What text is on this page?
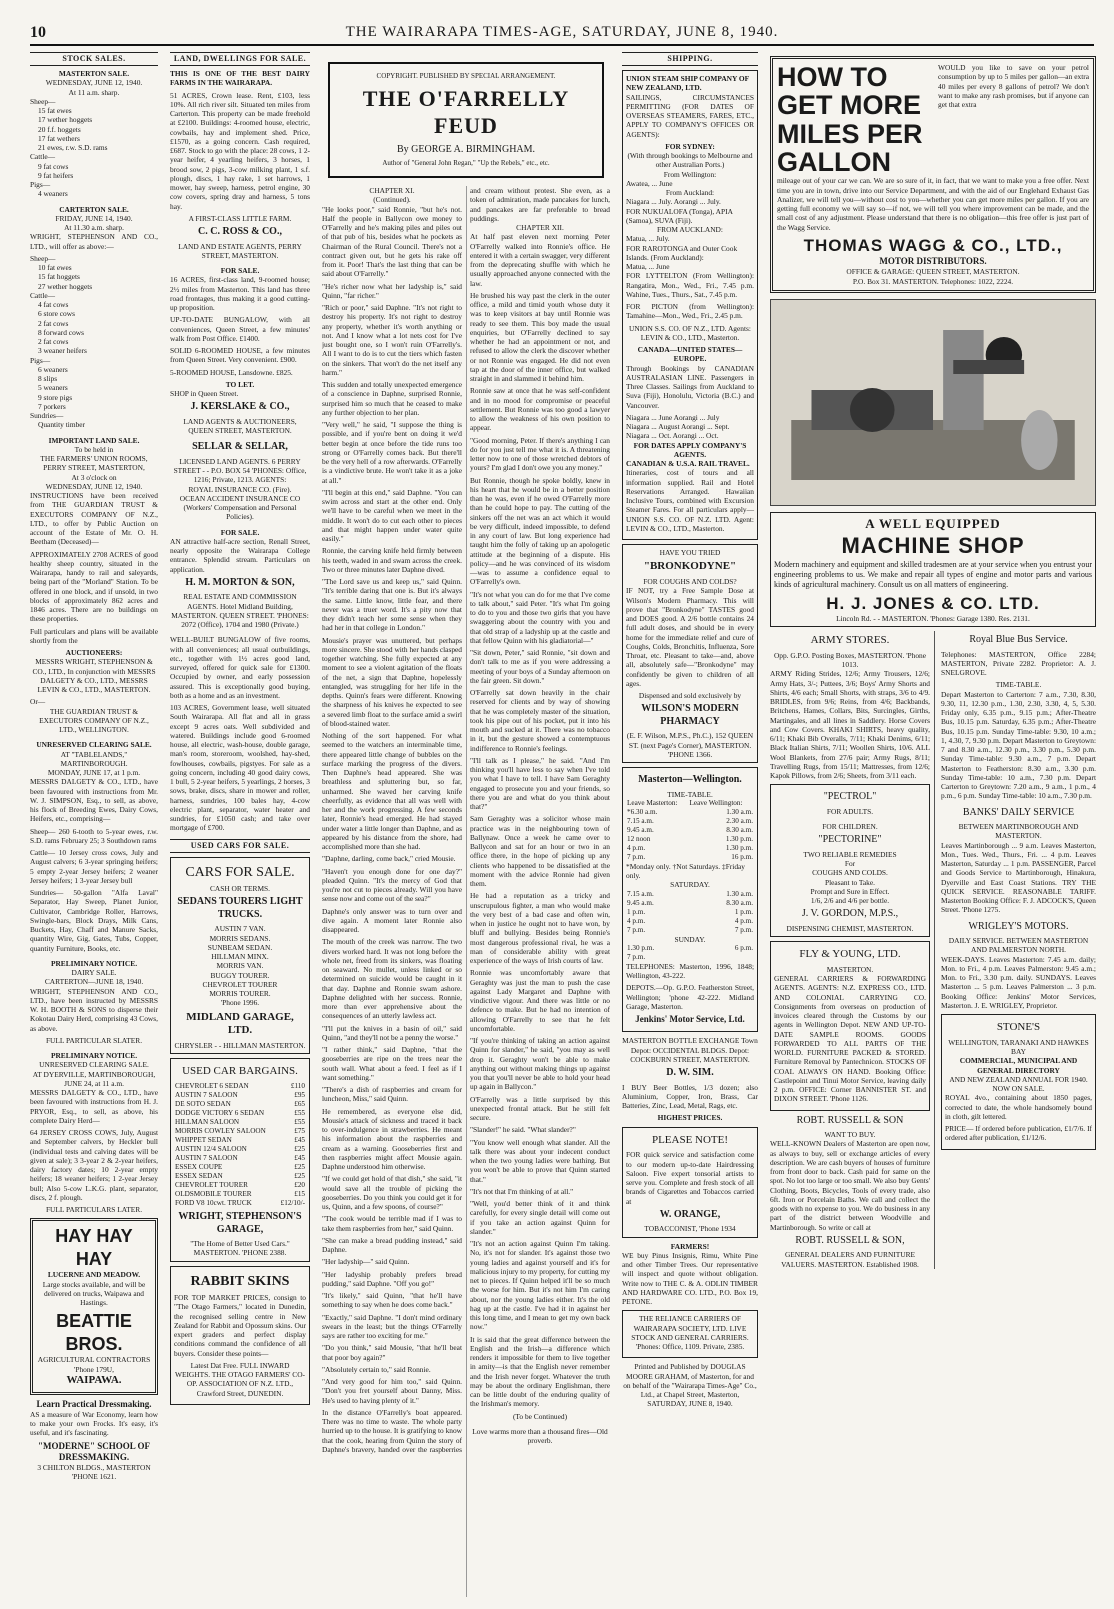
10	THE WAIRARAPA TIMES-AGE, SATURDAY, JUNE 8, 1940.
STOCK SALES.
MASTERTON SALE.
WEDNESDAY, JUNE 12, 1940.
At 11 a.m. sharp.
Sheep—
15 fat ewes
17 wether hoggets
20 f.f. hoggets
17 fat wethers
21 ewes, r.w. S.D. rams
Cattle—
9 fat cows
9 fat heifers
Pigs—
4 weaners
CARTERTON SALE.
FRIDAY, JUNE 14, 1940.
At 11.30 a.m. sharp.

WRIGHT, STEPHENSON AND CO., LTD., will offer as above:—

Sheep—
10 fat ewes
15 fat hoggets
27 wether hoggets
Cattle—
4 fat cows
6 store cows
2 fat cows
8 forward cows
2 fat cows
3 weaner heifers
Pigs—
6 weaners
8 slips
5 weaners
9 store pigs
7 porkers
Sundries—
Quantity timber
IMPORTANT LAND SALE.
To be held in
THE FARMERS' UNION ROOMS, PERRY STREET, MASTERTON,
At 3 o'clock on
WEDNESDAY, JUNE 12, 1940.

INSTRUCTIONS have been received from THE GUARDIAN TRUST & EXECUTORS COMPANY OF N.Z., LTD., to offer by Public Auction on account of the Estate of Mr. O. H. Beetham (Deceased)—

APPROXIMATELY 2708 ACRES of good healthy sheep country, situated in the Wairarapa, handy to rail and saleyards, being part of the "Morland" Station. To be offered in one block, and if unsold, in two blocks of approximately 862 acres and 1846 acres. There are no buildings on these properties.

Full particulars and plans will be available shortly from the

AUCTIONEERS:

MESSRS WRIGHT, STEPHENSON & CO., LTD., In conjunction with MESSRS DALGETY & CO., LTD., MESSRS LEVIN & CO., LTD., MASTERTON.

Or—

THE GUARDIAN TRUST & EXECUTORS COMPANY OF N.Z., LTD., WELLINGTON.

UNRESERVED CLEARING SALE.
AT "TABLELANDS," MARTINBOROUGH.
MONDAY, JUNE 17, at 1 p.m.

MESSRS DALGETY & CO., LTD., have been favoured with instructions from Mr. W. J. SIMPSON, Esq., to sell, as above, his flock of Breeding Ewes, Dairy Cows, Heifers, etc., comprising—

Sheep— 260 6-tooth to 5-year ewes, r.w. S.D. rams February 25; 3 Southdown rams

Cattle— 10 Jersey cross cows, July and August calvers; 6 3-year springing heifers; 5 empty 2-year Jersey heifers; 2 weaner Jersey heifers; 1 3-year Jersey bull

Sundries— 50-gallon "Alfa Laval" Separator, Hay Sweep, Planet Junior, Cultivator, Cambridge Roller, Harrows, Swingle-bars, Block Drays, Milk Cans, Buckets, Hay, Chaff and Manure Sacks, quantity Wire, Gig, Gates, Tubs, Copper, quantity Furniture, Books, etc.

PRELIMINARY NOTICE.
DAIRY SALE.
CARTERTON—JUNE 18, 1940.

WRIGHT, STEPHENSON AND CO., LTD., have been instructed by MESSRS W. H. BOOTH & SONS to disperse their Kokotau Dairy Herd, comprising 43 Cows, as above.

FULL PARTICULAR SLATER.
PRELIMINARY NOTICE.
UNRESERVED CLEARING SALE.
AT DYERVILLE, MARTINBOROUGH, JUNE 24, at 11 a.m.

MESSRS DALGETY & CO., LTD., have been favoured with instructions from H. J. PRYOR, Esq., to sell, as above, his complete Dairy Herd—

64 JERSEY CROSS COWS, July, August and September calvers, by Heckler bull (individual tests and calving dates will be given at sale); 3 3-year 2 & 2-year heifers, dairy factory dates; 10 2-year empty heifers; 18 weaner heifers; 1 2-year Jersey bull; Also 5-cow L.K.G. plant, separator, discs, 2 f. plough.

FULL PARTICULARS LATER.
HAY HAY HAY
LUCERNE AND MEADOW.

Large stocks available, and will be delivered on trucks, Waipawa and Hastings.

BEATTIE BROS.
AGRICULTURAL CONTRACTORS 'Phone 179U,
WAIPAWA.
Learn Practical Dressmaking.

AS a measure of War Economy, learn how to make your own Frocks. It's easy, it's useful, and it's fascinating.

"MODERNE" SCHOOL OF DRESSMAKING.
3 CHILTON BLDGS., MASTERTON 'PHONE 1621.
LAND, DWELLINGS FOR SALE.

THIS IS ONE OF THE BEST DAIRY FARMS IN THE WAIRARAPA.

51 ACRES, Crown lease. Rent, £103, less 10%. All rich river silt. Situated ten miles from Carterton. This property can be made freehold at £2100. Buildings: 4-roomed house, electric, cowbails, hay and implement shed. Price, £1570, as a going concern. Cash required, £687. Stock to go with the place: 28 cows, 1 2-year heifer, 4 yearling heifers, 3 horses, 1 brood sow, 2 pigs, 3-cow milking plant, 1 s.f. plough, discs, 1 hay rake, 1 set harrows, 1 mower, hay sweep, harness, petrol engine, 30 cow covers, spring dray and harness, 5 tons hay.

A FIRST-CLASS LITTLE FARM.
C. C. ROSS & CO.,
LAND AND ESTATE AGENTS, PERRY STREET, MASTERTON.
FOR SALE.

16 ACRES, first-class land, 9-roomed house; 2½ miles from Masterton. This land has three road frontages, thus making it a good cutting-up proposition.

UP-TO-DATE BUNGALOW, with all conveniences, Queen Street, a few minutes' walk from Post Office. £1400.

SOLID 6-ROOMED HOUSE, a few minutes from Queen Street. Very convenient. £900.

5-ROOMED HOUSE, Lansdowne. £825.

TO LET.

SHOP in Queen Street.

J. KERSLAKE & CO.,
LAND AGENTS & AUCTIONEERS, QUEEN STREET, MASTERTON.
SELLAR & SELLAR,
LICENSED LAND AGENTS. 6 PERRY STREET - - P.O. BOX 54 'PHONES: Office, 1216; Private, 1213. AGENTS:
ROYAL INSURANCE CO. (Fire).
OCEAN ACCIDENT INSURANCE CO (Workers' Compensation and Personal Policies).
FOR SALE.

AN attractive half-acre section, Renall Street, nearly opposite the Wairarapa College entrance. Splendid stream. Particulars on application.

H. M. MORTON & SON,
REAL ESTATE AND COMMISSION AGENTS. Hotel Midland Building, MASTERTON. QUEEN STREET. 'PHONES: 2072 (Office), 1704 and 1980 (Private.)

WELL-BUILT BUNGALOW of five rooms, with all conveniences; all usual outbuildings, etc., together with 1½ acres good land, surveyed, offered for quick sale for £1300. Occupied by owner, and early possession assured. This is exceptionally good buying, both as a home and as an investment.

103 ACRES, Government lease, well situated South Wairarapa. All flat and all in grass except 9 acres oats. Well subdivided and watered. Buildings include good 6-roomed house, all electric, wash-house, double garage, man's room, storeroom, woolshed, hay-shed, fowlhouses, cowbails, pigstyes. For sale as a going concern, including 40 good dairy cows, 1 bull, 5 2-year heifers, 5 yearlings, 2 horses, 3 sows, brake, discs, share in mower and roller, harness, sundries, 100 bales hay, 4-cow electric plant, separator, water heater and sundries, for £1050 cash; and take over mortgage of £700.

USED CARS FOR SALE.
CARS FOR SALE.
CASH OR TERMS.
SEDANS TOURERS LIGHT TRUCKS.
AUSTIN 7 VAN.
MORRIS SEDANS.
SUNBEAM SEDAN.
HILLMAN MINX.
MORRIS VAN.
BUGGY TOURER.
CHEVROLET TOURER
MORRIS TOURER.
'Phone 1996.
MIDLAND GARAGE, LTD.
CHRYSLER - - HILLMAN MASTERTON.
USED CAR BARGAINS.
CHEVROLET 6 SEDAN	£110
AUSTIN 7 SALOON	£95
DE SOTO SEDAN	£65
DODGE VICTORY 6 SEDAN	£55
HILLMAN SALOON	£55
MORRIS COWLEY SALOON	£75
WHIPPET SEDAN	£45
AUSTIN 12/4 SALOON	£25
AUSTIN 7 SALOON	£45
ESSEX COUPE	£25
ESSEX SEDAN	£25
CHEVROLET TOURER	£20
OLDSMOBILE TOURER	£15
FORD V8 10cwt. TRUCK	£12/10/-
WRIGHT, STEPHENSON'S GARAGE,
"The Home of Better Used Cars." MASTERTON. 'PHONE 2388.
RABBIT SKINS

FOR TOP MARKET PRICES, consign to "The Otago Farmers," located in Dunedin, the recognised selling centre in New Zealand for Rabbit and Opossum skins. Our expert graders and perfect display conditions command the confidence of all buyers. Consider these points—

Latest Dat Free. FULL INWARD WEIGHTS. THE OTAGO FARMERS' CO-OP. ASSOCIATION OF N.Z. LTD., Crawford Street, DUNEDIN.

COPYRIGHT. PUBLISHED BY SPECIAL ARRANGEMENT.
THE O'FARRELLY FEUD
By GEORGE A. BIRMINGHAM.
Author of "General John Regan," "Up the Rebels," etc., etc.
CHAPTER XI.
(Continued).

"He looks poor," said Ronnie, "but he's not. Half the people in Ballycon owe money to O'Farrelly and he's making piles and piles out of that pub of his, besides what he pockets as Chairman of the Rural Council. There's not a contract given out, but he gets his rake off from it. Poor! That's the last thing that can be said about O'Farrelly."

"He's richer now what her ladyship is," said Quinn, "far richer."

"Rich or poor," said Daphne. "It's not right to destroy his property. It's not right to destroy any property, whether it's worth anything or not. And I know what a lot nets cost for I've just bought one, so I won't ruin O'Farrelly's. All I want to do is to cut the tiers which fasten on the sinkers. That won't do the net itself any harm."

This sudden and totally unexpected emergence of a conscience in Daphne, surprised Ronnie, surprised him so much that he ceased to make any further objection to her plan.

"Very well," he said, "I suppose the thing is possible, and if you're bent on doing it we'd better begin at once before the tide runs too strong or O'Farrelly comes back. But there'll be the very hell of a row afterwards. O'Farrelly is a vindictive brute. He won't take it as a joke at all."

"I'll begin at this end," said Daphne. "You can swim across and start at the other end. Only we'll have to be careful when we meet in the middle. It won't do to cut each other to pieces and that might happen under water quite easily."

Ronnie, the carving knife held firmly between his teeth, waded in and swam across the creek. Two or three minutes later Daphne dived.

"The Lord save us and keep us," said Quinn. "It's terrible daring that one is. But it's always the same. Little know, little fear, and there never was a truer word. It's a pity now that they didn't teach her some sense when they had her in that college in London."

Mousie's prayer was unuttered, but perhaps more sincere. She stood with her hands clasped together watching. She fully expected at any moment to see a violent agitation of the floats of the net, a sign that Daphne, hopelessly entangled, was struggling for her life in the depths. Quinn's fears were different. Knowing the sharpness of his knives he expected to see a severed limb float to the surface amid a swirl of blood-stained water.

Nothing of the sort happened. For what seemed to the watchers an interminable time, there appeared little change of bubbles on the surface marking the progress of the divers. Then Daphne's head appeared. She was breathless and spluttering but, so far, unharmed. She waved her carving knife cheerfully, as evidence that all was well with her and the work progressing. A few seconds later, Ronnie's head emerged. He had stayed under water a little longer than Daphne, and as appeared by his distance from the shore, had accomplished more than she had.

"Daphne, darling, come back," cried Mousie.

"Haven't you enough done for one day?" pleaded Quinn. "It's the mercy of God that you're not cut to pieces already. Will you have sense now and come out of the sea?"

Daphne's only answer was to turn over and dive again. A moment later Ronnie also disappeared.

The mouth of the creek was narrow. The two divers worked hard. It was not long before the whole net, freed from its sinkers, was floating on seaward. No mullet, unless linked or so determined on suicide would be caught in it that day. Daphne and Ronnie swam ashore. Daphne delighted with her success. Ronnie, more than ever apprehensive about the consequences of an utterly lawless act.

"I'll put the knives in a basin of oil," said Quinn, "and they'll not be a penny the worse."

"I rather think," said Daphne, "that the gooseberries are ripe on the trees near the south wall. What about a feed. I feel as if I want something."

"There's a dish of raspberries and cream for luncheon, Miss," said Quinn.

He remembered, as everyone else did, Mousie's attack of sickness and traced it back to over-indulgence in strawberries. He meant his information about the raspberries and cream as a warning. Gooseberries first and then raspberries might affect Mousie again. Daphne understood him otherwise.

"If we could get hold of that dish," she said, "it would save all the trouble of picking the gooseberries. Do you think you could get it for us, Quinn, and a few spoons, of course?"

"The cook would be terrible mad if I was to take them raspberries from her," said Quinn.

"She can make a bread pudding instead," said Daphne.

"Her ladyship—" said Quinn.

"Her ladyship probably prefers bread pudding," said Daphne. "Off you go!"

"It's likely," said Quinn, "that he'll have something to say when he does come back."

"Exactly," said Daphne. "I don't mind ordinary swears in the least; but the things O'Farrelly says are rather too exciting for me."

"Do you think," said Mousie, "that he'll beat that poor boy again?"

"Absolutely certain to," said Ronnie.

"And very good for him too," said Quinn. "Don't you fret yourself about Danny, Miss. He's used to having plenty of it."

In the distance O'Farrelly's boat appeared. There was no time to waste. The whole party hurried up to the house. It is gratifying to know that the cook, hearing from Quinn the story of Daphne's bravery, handed over the raspberries and cream without protest. She even, as a token of admiration, made pancakes for lunch, and pancakes are far preferable to bread puddings.

CHAPTER XII.

At half past eleven next morning Peter O'Farrelly walked into Ronnie's office. He entered it with a certain swagger, very different from the deprecating shuffle with which he usually approached anyone connected with the law.

He brushed his way past the clerk in the outer office, a mild and timid youth whose duty it was to keep visitors at bay until Ronnie was ready to see them. This boy made the usual enquiries, but O'Farrelly declined to say whether he had an appointment or not, and refused to allow the clerk the discover whether or not Ronnie was engaged. He did not even tap at the door of the inner office, but walked straight in and slammed it behind him.

Ronnie saw at once that he was self-confident and in no mood for compromise or peaceful settlement. But Ronnie was too good a lawyer to allow the weakness of his own position to appear.

"Good morning, Peter. If there's anything I can do for you just tell me what it is. A threatening letter now to one of those wretched debtors of yours? I'm glad I don't owe you any money."

But Ronnie, though he spoke boldly, knew in his heart that he would be in a better position than he was, even if he owed O'Farrelly more than he could hope to pay. The cutting of the sinkers off the net was an act which it would be very difficult, indeed impossible, to defend in any court of law. But long experience had taught him the folly of taking up an apologetic attitude at the beginning of a dispute. His policy—and he was convinced of its wisdom—was to assume a confidence equal to O'Farrelly's own.

"It's not what you can do for me that I've come to talk about," said Peter. "It's what I'm going to do to you and those two girls that you have swaggering about the country with you and that old strap of a ladyship up at the castle and that fellow Quinn with his gladiatorial—"

"Sit down, Peter," said Ronnie, "sit down and don't talk to me as if you were addressing a meeting of your boys of a Sunday afternoon on the fair green. Sit down."

O'Farrelly sat down heavily in the chair reserved for clients and by way of showing that he was completely master of the situation, took his pipe out of his pocket, put it into his mouth and sucked at it. There was no tobacco in it, but the gesture showed a contemptuous indifference to Ronnie's feelings.

"I'll talk as I please," he said. "And I'm thinking you'll have less to say when I've told you what I have to tell. I have Sam Geraghty engaged to prosecute you and your friends, so there you are and what do you think about that?"

Sam Geraghty was a solicitor whose main practice was in the neighbouring town of Ballynaw. Once a week he came over to Ballycon and sat for an hour or two in an office there, in the hope of picking up any clients who happened to be dissatisfied at the moment with the advice Ronnie had given them.

He had a reputation as a tricky and unscrupulous fighter, a man who would make the very best of a bad case and often win, when in justice he ought not to have won, by bluff and bullying. Besides being Ronnie's most dangerous professional rival, he was a man of considerable ability with great experience of the ways of Irish courts of law.

Ronnie was uncomfortably aware that Geraghty was just the man to push the case against Lady Margaret and Daphne with vindictive vigour. And there was little or no defence to make. But he had no intention of allowing O'Farrelly to see that he felt uncomfortable.

"If you're thinking of taking an action against Quinn for slander," he said, "you may as well drop it. Geraghty won't be able to make anything out without making things up against you that you'll never be able to hold your head up again in Ballycon."

O'Farrelly was a little surprised by this unexpected frontal attack. But he still felt secure.

"Slander!" he said. "What slander?"

"You know well enough what slander. All the talk there was about your indecent conduct when the two young ladies were bathing. But you won't be able to prove that Quinn started that."

"It's not that I'm thinking of at all."

"Well, you'd better think of it and think carefully, for every single detail will come out if you take an action against Quinn for slander."

"It's not an action against Quinn I'm taking. No, it's not for slander. It's against those two young ladies and against yourself and it's for malicious injury to my property, for cutting my net to pieces. If Quinn helped it'll be so much the worse for him. But it's not him I'm caring about, nor the young ladies either. It's the old hag up at the castle. I've had it in against her this long time, and I mean to get my own back now."

It is said that the great difference between the English and the Irish—a difference which renders it impossible for them to live together in amity—is that the English never remember and the Irish never forget. Whatever the truth may be about the ordinary Englishman, there can be little doubt of the enduring quality of the Irishman's memory.

(To be Continued)
Love warms more than a thousand fires—Old proverb.
SHIPPING.
UNION STEAM SHIP COMPANY OF NEW ZEALAND, LTD.

SAILINGS, CIRCUMSTANCES PERMITTING (FOR DATES OF OVERSEAS STEAMERS, FARES, ETC., APPLY TO COMPANY'S OFFICES OR AGENTS):

FOR SYDNEY:
(With through bookings to Melbourne and other Australian Ports.)
From Wellington:
Awatea, ... June
From Auckland:
Niagara ... July. Aorangi ... July.
FOR NUKUALOFA (Tonga), APIA (Samoa), SUVA (Fiji).
FROM AUCKLAND:
Matua, ... July.
FOR RAROTONGA and Outer Cook Islands. (From Auckland):
Matua, ... June

FOR LYTTELTON (From Wellington): Rangatira, Mon., Wed., Fri., 7.45 p.m. Wahine, Tues., Thurs., Sat., 7.45 p.m.

FOR PICTON (from Wellington): Tamahine—Mon., Wed., Fri., 2.45 p.m.

UNION S.S. CO. OF N.Z., LTD. Agents: LEVIN & CO., LTD., Masterton.

CANADA—UNITED STATES—EUROPE.

Through Bookings by CANADIAN AUSTRALASIAN LINE. Passengers in Three Classes. Sailings from Auckland to Suva (Fiji), Honolulu, Victoria (B.C.) and Vancouver.

Niagara ... June Aorangi ... July
Niagara ... August Aorangi ... Sept.
Niagara ... Oct. Aorangi ... Oct.
FOR DATES APPLY COMPANY'S AGENTS.
CANADIAN & U.S.A. RAIL TRAVEL.

Itineraries, cost of tours and all information supplied. Rail and Hotel Reservations Arranged. Hawaiian Inclusive Tours, combined with Excursion Steamer Fares. For all particulars apply— UNION S.S. CO. OF N.Z. LTD. Agent: LEVIN & CO., LTD., Masterton.

HAVE YOU TRIED
"BRONKODYNE"
FOR COUGHS AND COLDS?

IF NOT, try a Free Sample Dose at Wilson's Modern Pharmacy. This will prove that "Bronkodyne" TASTES good and DOES good. A 2/6 bottle contains 24 full adult doses, and should be in every home for the immediate relief and cure of Coughs, Colds, Bronchitis, Influenza, Sore Throat, etc. Pleasant to take—and, above all, absolutely safe—"Bronkodyne" may confidently be given to children of all ages.

Dispensed and sold exclusively by
WILSON'S MODERN PHARMACY
(E. F. Wilson, M.P.S., Ph.C.), 152 QUEEN ST. (next Page's Corner), MASTERTON. 'PHONE 1366.
Masterton—Wellington.
TIME-TABLE.
Leave Masterton:	Leave Wellington:
*6.30 a.m.	1.30 a.m.
7.15 a.m.	2.30 a.m.
9.45 a.m.	8.30 a.m.
12 noon	1.30 p.m.
4 p.m.	1.30 p.m.
7 p.m.	16 p.m.
*Monday only. †Not Saturdays. ‡Friday only.
SATURDAY.
7.15 a.m.	1.30 a.m.
9.45 a.m.	8.30 a.m.
1 p.m.	1 p.m.
4 p.m.	4 p.m.
7 p.m.	7 p.m.
SUNDAY.
1.30 p.m.	6 p.m.
7 p.m.	

TELEPHONES: Masterton, 1996, 1848; Wellington, 43-222.

DEPOTS.—Op. G.P.O. Featherston Street, Wellington; 'phone 42-222. Midland Garage, Masterton.

Jenkins' Motor Service, Ltd.

MASTERTON BOTTLE EXCHANGE Town Depot: OCCIDENTAL BLDGS. Depot: COCKBURN STREET, MASTERTON.

D. W. SIM.

I BUY Beer Bottles, 1/3 dozen; also Aluminium, Copper, Iron, Brass, Car Batteries, Zinc, Lead, Metal, Rags, etc.

HIGHEST PRICES.
PLEASE NOTE!

FOR quick service and satisfaction come to our modern up-to-date Hairdressing Saloon. Five expert tonsorial artists to serve you. Complete and fresh stock of all brands of Cigarettes and Tobaccos carried at

W. ORANGE,
TOBACCONIST, 'Phone 1934
FARMERS!

WE buy Pinus Insignis, Rimu, White Pine and other Timber Trees. Our representative will inspect and quote without obligation. Write now to THE C. & A. ODLIN TIMBER AND HARDWARE CO. LTD., P.O. Box 19, PETONE.

THE RELIANCE CARRIERS OF WAIRARAPA SOCIETY, LTD. LIVE STOCK AND GENERAL CARRIERS. 'Phones: Office, 1109. Private, 2385.

Printed and Published by DOUGLAS MOORE GRAHAM, of Masterton, for and on behalf of the "Wairarapa Times-Age" Co., Ltd., at Chapel Street, Masterton, SATURDAY, JUNE 8, 1940.

HOW TO GET MORE MILES PER GALLON

WOULD you like to save on your petrol consumption by up to 5 miles per gallon—an extra 40 miles per every 8 gallons of petrol? We don't want to make any rash promises, but if anyone can get that extra

mileage out of your car we can. We are so sure of it, in fact, that we want to make you a free offer. Next time you are in town, drive into our Service Department, and with the aid of our Englehard Exhaust Gas Analizer, we will tell you—without cost to you—whether you can get more miles per gallon. If you are getting full economy we will say so—if not, we will tell you where improvement can be made, and the small cost of any adjustment. Please understand that there is no obligation—this free offer is just part of the Wagg Service.

THOMAS WAGG & CO., LTD.,
MOTOR DISTRIBUTORS.
OFFICE & GARAGE: QUEEN STREET, MASTERTON.
P.O. Box 31. MASTERTON. Telephones: 1022, 2224.
A WELL EQUIPPED
MACHINE SHOP

Modern machinery and equipment and skilled tradesmen are at your service when you entrust your engineering problems to us. We make and repair all types of engine and motor parts and various kinds of agricultural machinery. Consult us on all matters of engineering.

H. J. JONES & CO. LTD.
Lincoln Rd. - - MASTERTON. 'Phones: Garage 1380. Res. 2131.
ARMY STORES.
Opp. G.P.O. Posting Boxes, MASTERTON. 'Phone 1013.

ARMY Riding Strides, 12/6; Army Trousers, 12/6; Army Hats, 3/-; Puttees, 3/6; Boys' Army Shorts and Shirts, 4/6 each; Small Shorts, with straps, 3/6 to 4/9. BRIDLES, from 9/6; Reins, from 4/6; Backbands, Britchens, Hames, Collars, Bits, Surcingles, Girths, Martingales, and all lines in Saddlery. Horse Covers and Cow Covers. KHAKI SHIRTS, heavy quality, 6/11; Khaki Bib Overalls, 7/11; Khaki Denims, 6/11; Black Italian Shirts, 7/11; Woollen Shirts, 10/6. ALL Wool Blankets, from 27/6 pair; Army Rugs, 8/11; Travelling Rugs, from 15/11; Mattresses, from 12/6; Kapok Pillows, from 2/6; Sheets, from 3/11 each.

"PECTROL"
FOR ADULTS.
FOR CHILDREN.
"PECTORINE"
TWO RELIABLE REMEDIES
For
COUGHS AND COLDS.
Pleasant to Take.
Prompt and Sure in Effect.
1/6, 2/6 and 4/6 per bottle.
J. V. GORDON, M.P.S.,
DISPENSING CHEMIST, MASTERTON.
FLY & YOUNG, LTD.
MASTERTON.

GENERAL CARRIERS & FORWARDING AGENTS. AGENTS: N.Z. EXPRESS CO., LTD. AND COLONIAL CARRYING CO. Consignments from overseas on production of invoices cleared through the Customs by our agents in Wellington Depot. NEW AND UP-TO-DATE SAMPLE ROOMS. GOODS FORWARDED TO ALL PARTS OF THE WORLD. FURNITURE PACKED & STORED. Furniture Removal by Pantechnicon. STOCKS OF COAL ALWAYS ON HAND. Booking Office: Castlepoint and Tinui Motor Service, leaving daily 2 p.m. OFFICE: Corner BANNISTER ST. and DIXON STREET. 'Phone 1126.

ROBT. RUSSELL & SON
WANT TO BUY.

WELL-KNOWN Dealers of Masterton are open now, as always to buy, sell or exchange articles of every description. We are cash buyers of houses of furniture from front door to back. Cash paid for same on the spot. No lot too large or too small. We also buy Gents' Clothing, Boots, Bicycles, Tools of every trade, also 6ft. Iron or Porcelain Baths. We call and collect the goods with no expense to you. We do business in any part of the district between Woodville and Martinborough. So write or call at

ROBT. RUSSELL & SON,
GENERAL DEALERS AND FURNITURE VALUERS. MASTERTON. Established 1908.
Royal Blue Bus Service.

Telephones: MASTERTON, Office 2284; MASTERTON, Private 2282. Proprietor: A. J. SNELGROVE.

TIME-TABLE.

Depart Masterton to Carterton: 7 a.m., 7.30, 8.30, 9.30, 11, 12.30 p.m., 1.30, 2.30, 3.30, 4, 5, 5.30. Friday only, 6.35 p.m., 9.15 p.m.; After-Theatre Bus, 10.15 p.m. Saturday, 6.35 p.m.; After-Theatre Bus, 10.15 p.m. Sunday Time-table: 9.30, 10 a.m.; 1, 4.30, 7, 9.30 p.m. Depart Masterton to Greytown: 7 and 8.30 a.m., 12.30 p.m., 3.30 p.m., 5.30 p.m. Sunday Time-table: 9.30 a.m., 7 p.m. Depart Masterton to Featherston: 8.30 a.m., 3.30 p.m. Sunday Time-table: 10 a.m., 7.30 p.m. Depart Carterton to Greytown: 7.20 a.m., 9 a.m., 1 p.m., 4 p.m., 6 p.m. Sunday Time-table: 10 a.m., 7.30 p.m.

BANKS' DAILY SERVICE
BETWEEN MARTINBOROUGH AND MASTERTON.

Leaves Martinborough ... 9 a.m. Leaves Masterton, Mon., Tues. Wed., Thurs., Fri. ... 4 p.m. Leaves Masterton, Saturday ... 1 p.m. PASSENGER, Parcel and Goods Service to Martinborough, Hinakura, Dyerville and East Coast Stations. TRY THE QUICK SERVICE. REASONABLE TARIFF. Masterton Booking Office: F. J. ADCOCK'S, Queen Street. 'Phone 1275.

WRIGLEY'S MOTORS.
DAILY SERVICE. BETWEEN MASTERTON AND PALMERSTON NORTH.

WEEK-DAYS. Leaves Masterton: 7.45 a.m. daily; Mon. to Fri., 4 p.m. Leaves Palmerston: 9.45 a.m.; Mon. to Fri., 3.30 p.m. daily. SUNDAYS. Leaves Masterton ... 5 p.m. Leaves Palmerston ... 3 p.m. Booking Office: Jenkins' Motor Services, Masterton. J. E. WRIGLEY, Proprietor.

STONE'S
WELLINGTON, TARANAKI AND HAWKES BAY
COMMERCIAL, MUNICIPAL AND GENERAL DIRECTORY
AND NEW ZEALAND ANNUAL FOR 1940. NOW ON SALE.

ROYAL 4vo., containing about 1850 pages, corrected to date, the whole handsomely bound in cloth, gilt lettered.

PRICE— If ordered before publication, £1/7/6. If ordered after publication, £1/12/6.
